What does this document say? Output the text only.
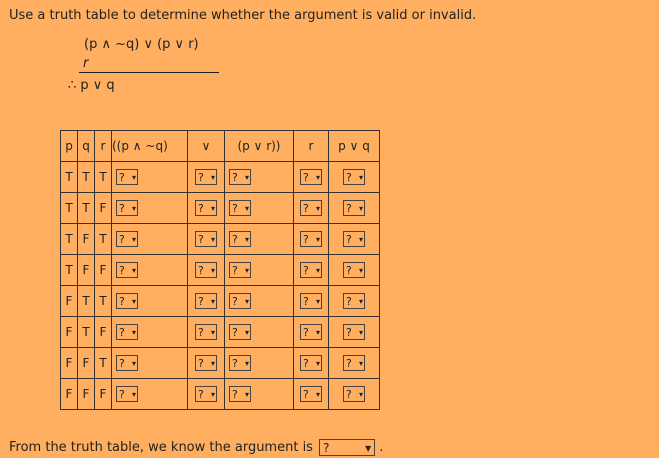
Use a truth table to determine whether the argument is valid or invalid.
(p ∧ ~q) ∨ (p ∨ r)
r
∴ p ∨ q
p	q	r	((p ∧ ~q)	∨	(p ∨ r))	r	p ∨ q
T	T	T	? ▾	? ▾	? ▾	? ▾	? ▾

T	T	F	? ▾	? ▾	? ▾	? ▾	? ▾

T	F	T	? ▾	? ▾	? ▾	? ▾	? ▾

T	F	F	? ▾	? ▾	? ▾	? ▾	? ▾

F	T	T	? ▾	? ▾	? ▾	? ▾	? ▾

F	T	F	? ▾	? ▾	? ▾	? ▾	? ▾

F	F	T	? ▾	? ▾	? ▾	? ▾	? ▾

F	F	F	? ▾	? ▾	? ▾	? ▾	? ▾
From the truth table, we know the argument is ?	▾ .
